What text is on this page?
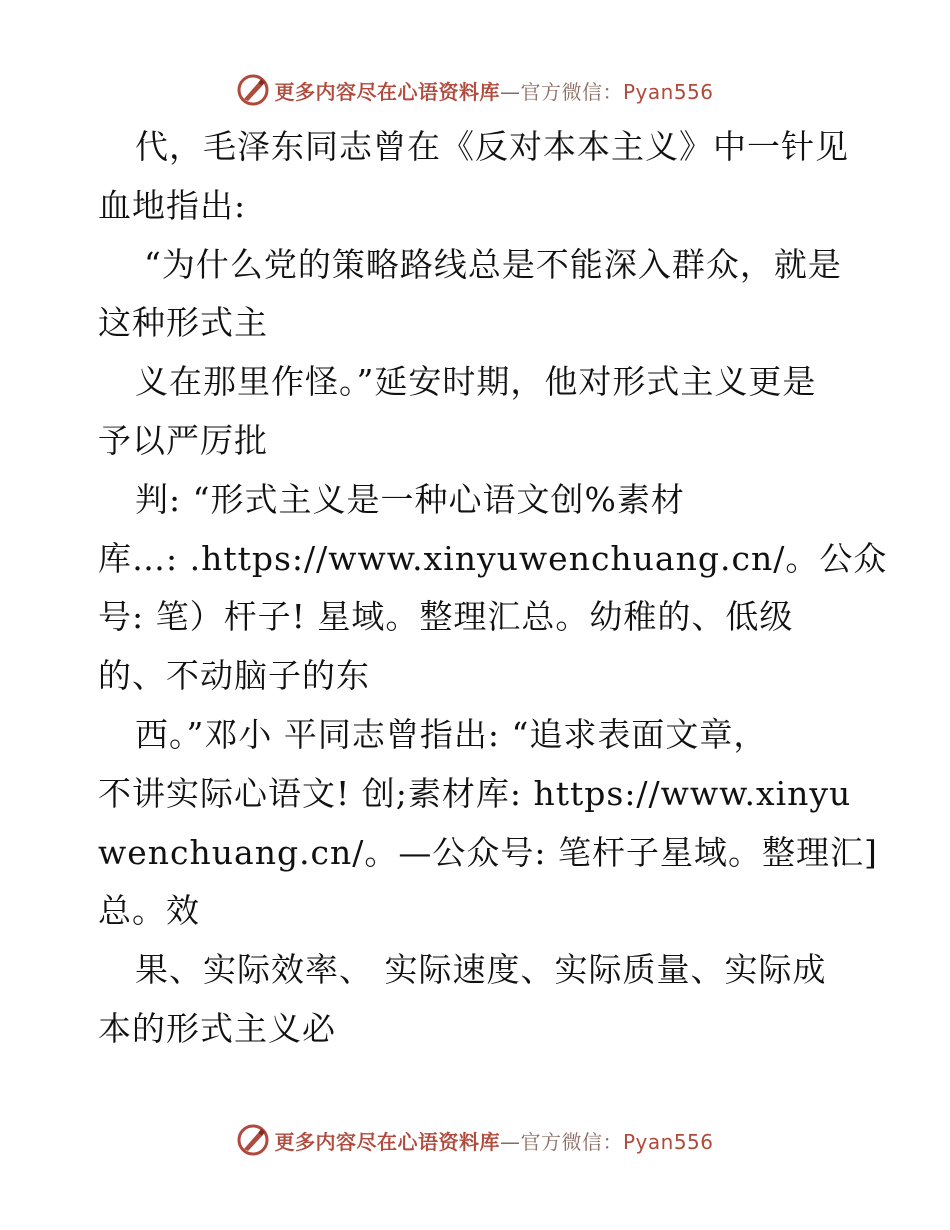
更多内容尽在心语资料库—官方微信：Pyan556
代，毛泽东同志曾在《反对本本主义》中一针见
血地指出:
“为什么党的策略路线总是不能深入群众，就是
这种形式主
义在那里作怪。”延安时期，他对形式主义更是
予以严厉批
判: “形式主义是一种心语文创%素材
库…: .https://www.xinyuwenchuang.cn/。公众
号: 笔）杆子! 星域。整理汇总。幼稚的、低级
的、不动脑子的东
西。”邓小 平同志曾指出: “追求表面文章，
不讲实际心语文! 创;素材库: https://www.xinyu
wenchuang.cn/。—公众号: 笔杆子星域。整理汇]
总。效
果、实际效率、 实际速度、实际质量、实际成
本的形式主义必
更多内容尽在心语资料库—官方微信：Pyan556
